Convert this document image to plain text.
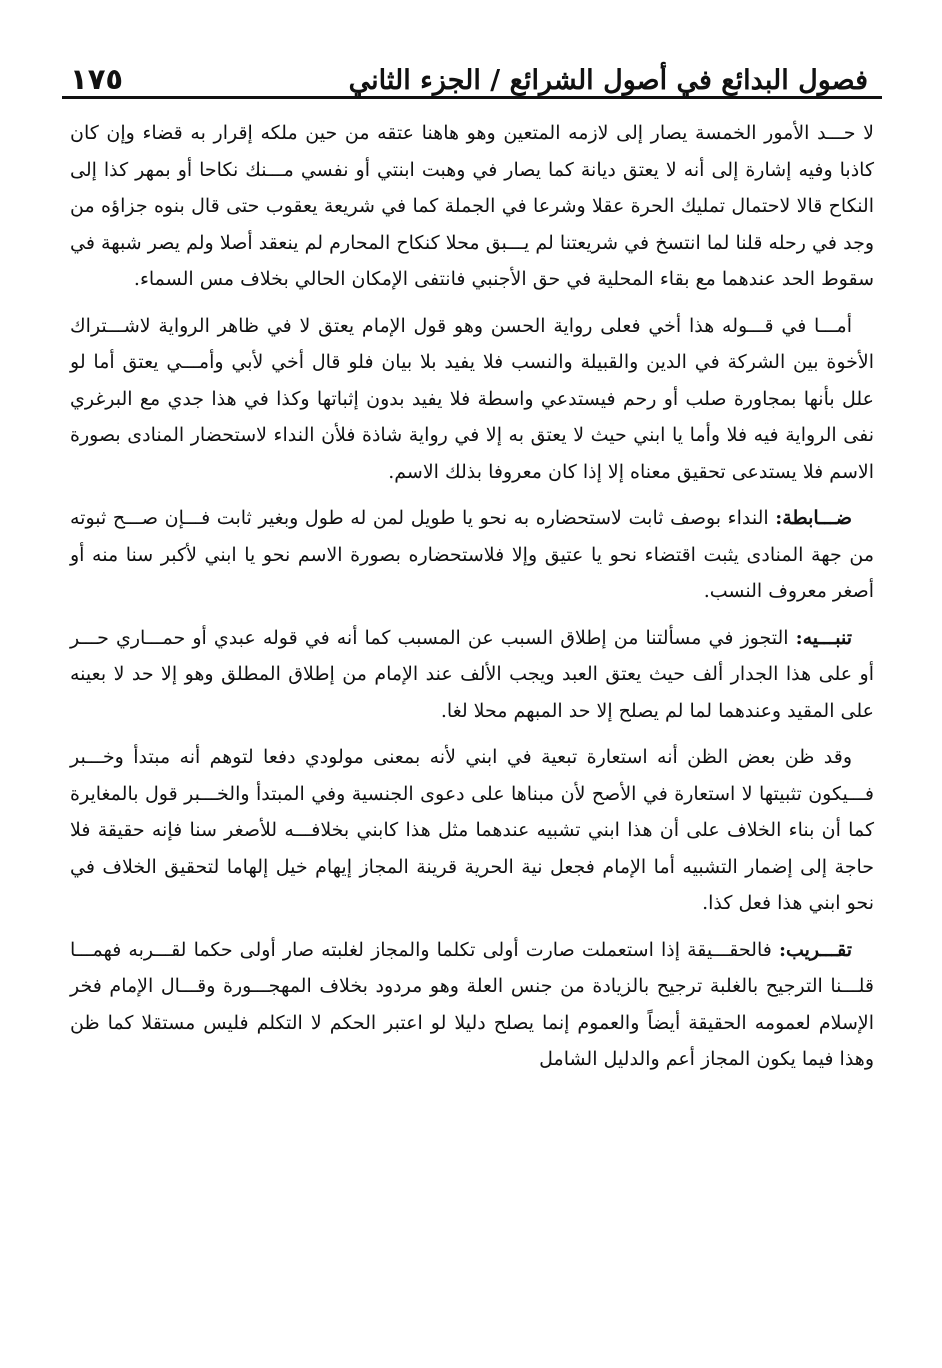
فصول البدائع في أصول الشرائع / الجزء الثاني
١٧٥

لا حـــد الأمور الخمسة يصار إلى لازمه المتعين وهو هاهنا عتقه من حين ملكه إقرار به قضاء وإن كان كاذبا وفيه إشارة إلى أنه لا يعتق ديانة كما يصار في وهبت ابنتي أو نفسي مـــنك نكاحا أو بمهر كذا إلى النكاح قالا لاحتمال تمليك الحرة عقلا وشرعا في الجملة كما في شريعة يعقوب حتى قال بنوه جزاؤه من وجد في رحله قلنا لما انتسخ في شريعتنا لم يـــبق محلا كنكاح المحارم لم ينعقد أصلا ولم يصر شبهة في سقوط الحد عندهما مع بقاء المحلية في حق الأجنبي فانتفى الإمكان الحالي بخلاف مس السماء.

أمـــا في قـــوله هذا أخي فعلى رواية الحسن وهو قول الإمام يعتق لا في ظاهر الرواية لاشـــتراك الأخوة بين الشركة في الدين والقبيلة والنسب فلا يفيد بلا بيان فلو قال أخي لأبي وأمـــي يعتق أما لو علل بأنها بمجاورة صلب أو رحم فيستدعي واسطة فلا يفيد بدون إثباتها وكذا في هذا جدي مع البرغري نفى الرواية فيه فلا وأما يا ابني حيث لا يعتق به إلا في رواية شاذة فلأن النداء لاستحضار المنادى بصورة الاسم فلا يستدعى تحقيق معناه إلا إذا كان معروفا بذلك الاسم.

ضـــابطة: النداء بوصف ثابت لاستحضاره به نحو يا طويل لمن له طول وبغير ثابت فـــإن صـــح ثبوته من جهة المنادى يثبت اقتضاء نحو يا عتيق وإلا فلاستحضاره بصورة الاسم نحو يا ابني لأكبر سنا منه أو أصغر معروف النسب.

تنبـــيه: التجوز في مسألتنا من إطلاق السبب عن المسبب كما أنه في قوله عبدي أو حمـــاري حـــر أو على هذا الجدار ألف حيث يعتق العبد ويجب الألف عند الإمام من إطلاق المطلق وهو إلا حد لا بعينه على المقيد وعندهما لما لم يصلح إلا حد المبهم محلا لغا.

وقد ظن بعض الظن أنه استعارة تبعية في ابني لأنه بمعنى مولودي دفعا لتوهم أنه مبتدأ وخـــبر فـــيكون تثبيتها لا استعارة في الأصح لأن مبناها على دعوى الجنسية وفي المبتدأ والخـــبر قول بالمغايرة كما أن بناء الخلاف على أن هذا ابني تشبيه عندهما مثل هذا كابني بخلافـــه للأصغر سنا فإنه حقيقة فلا حاجة إلى إضمار التشبيه أما الإمام فجعل نية الحرية قرينة المجاز إيهام خيل إلهاما لتحقيق الخلاف في نحو ابني هذا فعل كذا.

تقـــريب: فالحقـــيقة إذا استعملت صارت أولى تكلما والمجاز لغلبته صار أولى حكما لقـــربه فهمـــا قلـــنا الترجيح بالغلبة ترجيح بالزيادة من جنس العلة وهو مردود بخلاف المهجـــورة وقـــال الإمام فخر الإسلام لعمومه الحقيقة أيضاً والعموم إنما يصلح دليلا لو اعتبر الحكم لا التكلم فليس مستقلا كما ظن وهذا فيما يكون المجاز أعم والدليل الشامل
